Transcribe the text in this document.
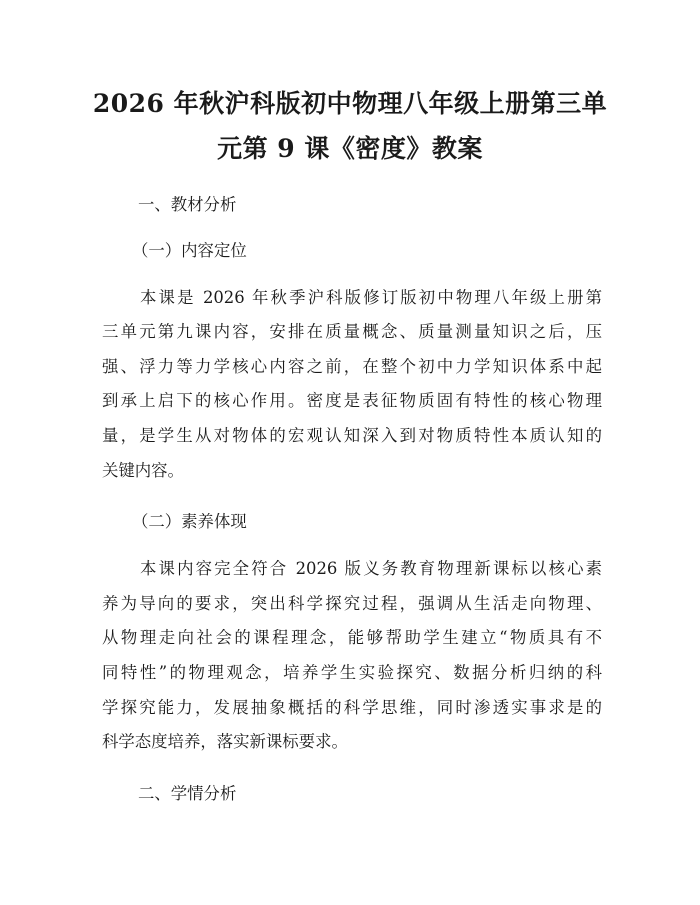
2026 年秋沪科版初中物理八年级上册第三单
元第 9 课《密度》教案
一、教材分析
（一）内容定位
本课是 2026 年秋季沪科版修订版初中物理八年级上册第
三单元第九课内容，安排在质量概念、质量测量知识之后，压
强、浮力等力学核心内容之前，在整个初中力学知识体系中起
到承上启下的核心作用。密度是表征物质固有特性的核心物理
量，是学生从对物体的宏观认知深入到对物质特性本质认知的
关键内容。
（二）素养体现
本课内容完全符合 2026 版义务教育物理新课标以核心素
养为导向的要求，突出科学探究过程，强调从生活走向物理、
从物理走向社会的课程理念，能够帮助学生建立“物质具有不
同特性”的物理观念，培养学生实验探究、数据分析归纳的科
学探究能力，发展抽象概括的科学思维，同时渗透实事求是的
科学态度培养，落实新课标要求。
二、学情分析
